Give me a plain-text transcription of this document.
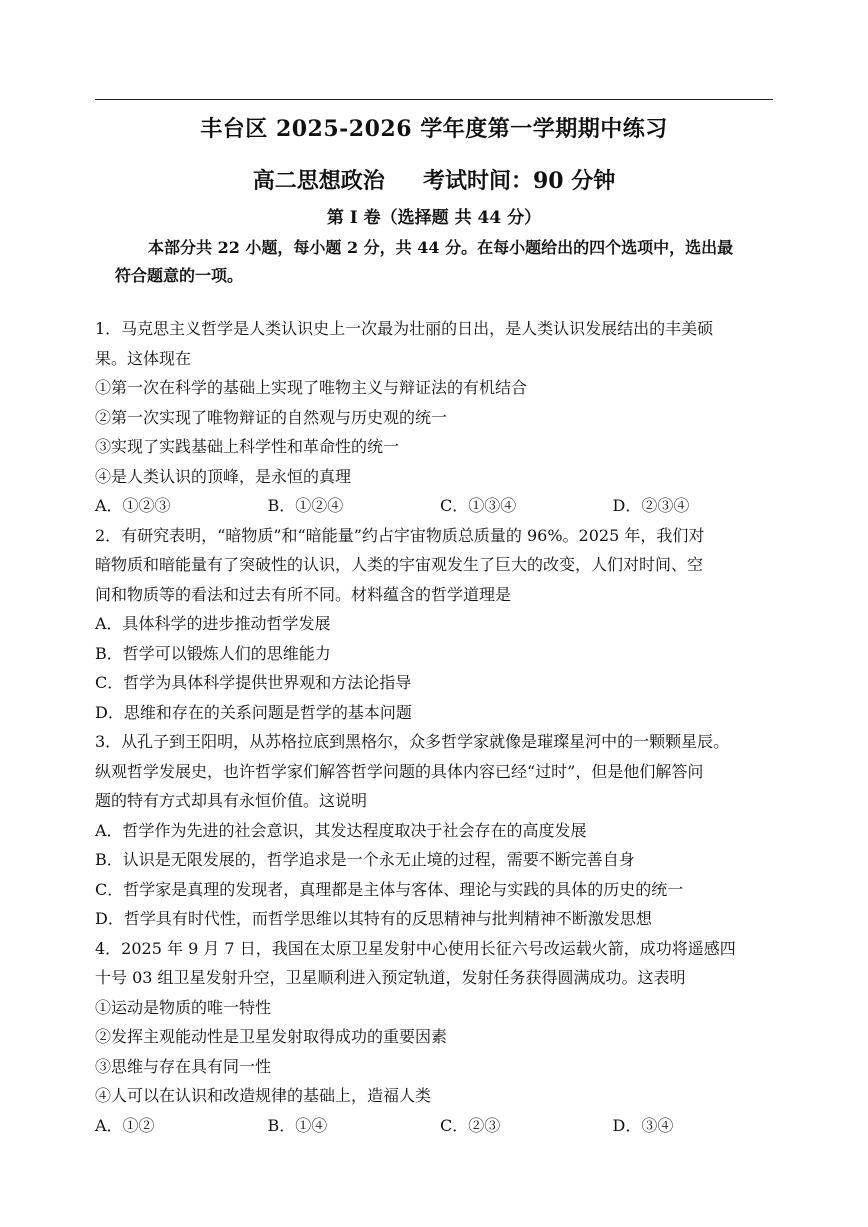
丰台区 2025-2026 学年度第一学期期中练习
高二思想政治     考试时间：90 分钟
第 I 卷（选择题 共 44 分）
本部分共 22 小题，每小题 2 分，共 44 分。在每小题给出的四个选项中，选出最
符合题意的一项。
1．马克思主义哲学是人类认识史上一次最为壮丽的日出，是人类认识发展结出的丰美硕
果。这体现在
①第一次在科学的基础上实现了唯物主义与辩证法的有机结合
②第一次实现了唯物辩证的自然观与历史观的统一
③实现了实践基础上科学性和革命性的统一
④是人类认识的顶峰，是永恒的真理
A．①②③	B．①②④	C．①③④	D．②③④
2．有研究表明，“暗物质”和“暗能量”约占宇宙物质总质量的 96%。2025 年，我们对
暗物质和暗能量有了突破性的认识，人类的宇宙观发生了巨大的改变，人们对时间、空
间和物质等的看法和过去有所不同。材料蕴含的哲学道理是
A．具体科学的进步推动哲学发展
B．哲学可以锻炼人们的思维能力
C．哲学为具体科学提供世界观和方法论指导
D．思维和存在的关系问题是哲学的基本问题
3．从孔子到王阳明，从苏格拉底到黑格尔，众多哲学家就像是璀璨星河中的一颗颗星辰。
纵观哲学发展史，也许哲学家们解答哲学问题的具体内容已经“过时”，但是他们解答问
题的特有方式却具有永恒价值。这说明
A．哲学作为先进的社会意识，其发达程度取决于社会存在的高度发展
B．认识是无限发展的，哲学追求是一个永无止境的过程，需要不断完善自身
C．哲学家是真理的发现者，真理都是主体与客体、理论与实践的具体的历史的统一
D．哲学具有时代性，而哲学思维以其特有的反思精神与批判精神不断激发思想
4．2025 年 9 月 7 日，我国在太原卫星发射中心使用长征六号改运载火箭，成功将遥感四
十号 03 组卫星发射升空，卫星顺利进入预定轨道，发射任务获得圆满成功。这表明
①运动是物质的唯一特性
②发挥主观能动性是卫星发射取得成功的重要因素
③思维与存在具有同一性
④人可以在认识和改造规律的基础上，造福人类
A．①②	B．①④	C．②③	D．③④
